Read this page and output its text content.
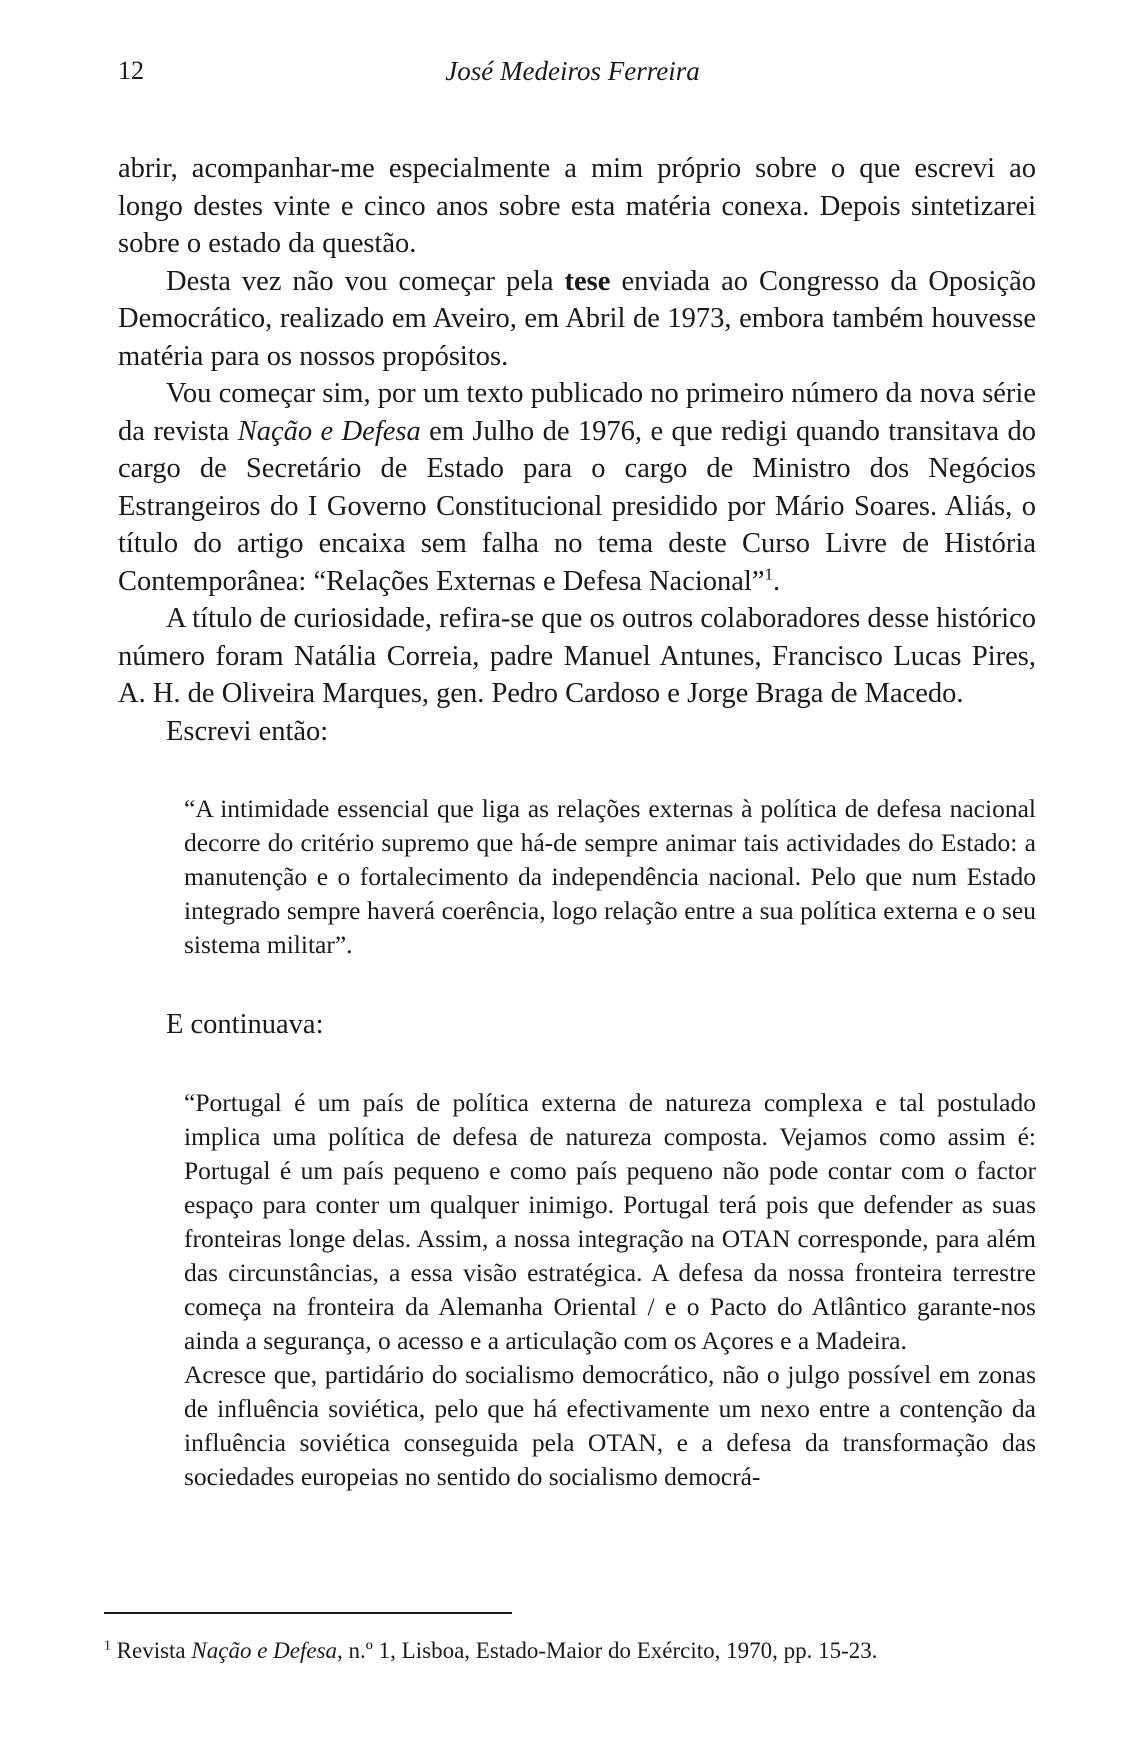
12	José Medeiros Ferreira

abrir, acompanhar-me especialmente a mim próprio sobre o que escrevi ao longo destes vinte e cinco anos sobre esta matéria conexa. Depois sintetizarei sobre o estado da questão.

Desta vez não vou começar pela tese enviada ao Congresso da Oposição Democrático, realizado em Aveiro, em Abril de 1973, embora também houvesse matéria para os nossos propósitos.

Vou começar sim, por um texto publicado no primeiro número da nova série da revista Nação e Defesa em Julho de 1976, e que redigi quando transitava do cargo de Secretário de Estado para o cargo de Ministro dos Negócios Estrangeiros do I Governo Constitucional presidido por Mário Soares. Aliás, o título do artigo encaixa sem falha no tema deste Curso Livre de História Contemporânea: “Relações Externas e Defesa Nacional”$^1$.

A título de curiosidade, refira-se que os outros colaboradores desse histórico número foram Natália Correia, padre Manuel Antunes, Francisco Lucas Pires, A. H. de Oliveira Marques, gen. Pedro Cardoso e Jorge Braga de Macedo.

Escrevi então:

“A intimidade essencial que liga as relações externas à política de defesa nacional decorre do critério supremo que há-de sempre animar tais actividades do Estado: a manutenção e o fortalecimento da independência nacional. Pelo que num Estado integrado sempre haverá coerência, logo relação entre a sua política externa e o seu sistema militar”.

E continuava:

“Portugal é um país de política externa de natureza complexa e tal postulado implica uma política de defesa de natureza composta. Vejamos como assim é: Portugal é um país pequeno e como país pequeno não pode contar com o factor espaço para conter um qualquer inimigo. Portugal terá pois que defender as suas fronteiras longe delas. Assim, a nossa integração na OTAN corresponde, para além das circunstâncias, a essa visão estratégica. A defesa da nossa fronteira terrestre começa na fronteira da Alemanha Oriental / e o Pacto do Atlântico garante-nos ainda a segurança, o acesso e a articulação com os Açores e a Madeira.

Acresce que, partidário do socialismo democrático, não o julgo possível em zonas de influência soviética, pelo que há efectivamente um nexo entre a contenção da influência soviética conseguida pela OTAN, e a defesa da transformação das sociedades europeias no sentido do socialismo democrá-

$^1$ Revista Nação e Defesa, n.º 1, Lisboa, Estado-Maior do Exército, 1970, pp. 15-23.
